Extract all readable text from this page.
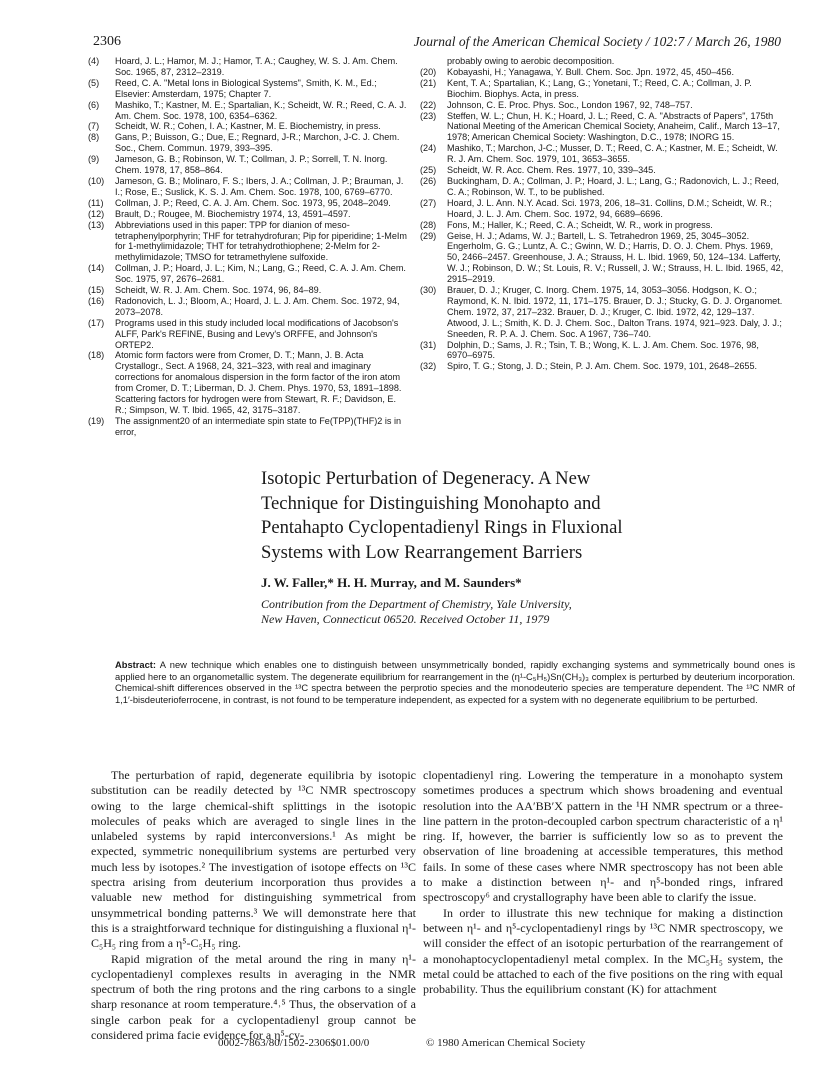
2306	Journal of the American Chemical Society / 102:7 / March 26, 1980
(4) Hoard, J. L.; Hamor, M. J.; Hamor, T. A.; Caughey, W. S. J. Am. Chem. Soc. 1965, 87, 2312–2319.
(5) Reed, C. A. "Metal Ions in Biological Systems", Smith, K. M., Ed.; Elsevier: Amsterdam, 1975; Chapter 7.
(6) Mashiko, T.; Kastner, M. E.; Spartalian, K.; Scheidt, W. R.; Reed, C. A. J. Am. Chem. Soc. 1978, 100, 6354–6362.
(7) Scheidt, W. R.; Cohen, I. A.; Kastner, M. E. Biochemistry, in press.
(8) Gans, P.; Buisson, G.; Due, E.; Regnard, J-R.; Marchon, J-C. J. Chem. Soc., Chem. Commun. 1979, 393–395.
(9) Jameson, G. B.; Robinson, W. T.; Collman, J. P.; Sorrell, T. N. Inorg. Chem. 1978, 17, 858–864.
(10) Jameson, G. B.; Molinaro, F. S.; Ibers, J. A.; Collman, J. P.; Brauman, J. I.; Rose, E.; Suslick, K. S. J. Am. Chem. Soc. 1978, 100, 6769–6770.
(11) Collman, J. P.; Reed, C. A. J. Am. Chem. Soc. 1973, 95, 2048–2049.
(12) Brault, D.; Rougee, M. Biochemistry 1974, 13, 4591–4597.
(13) Abbreviations used in this paper: TPP for dianion of meso-tetraphenylporphyrin; THF for tetrahydrofuran; Pip for piperidine; 1-MeIm for 1-methylimidazole; THT for tetrahydrothiophene; 2-MeIm for 2-methylimidazole; TMSO for tetramethylene sulfoxide.
(14) Collman, J. P.; Hoard, J. L.; Kim, N.; Lang, G.; Reed, C. A. J. Am. Chem. Soc. 1975, 97, 2676–2681.
(15) Scheidt, W. R. J. Am. Chem. Soc. 1974, 96, 84–89.
(16) Radonovich, L. J.; Bloom, A.; Hoard, J. L. J. Am. Chem. Soc. 1972, 94, 2073–2078.
(17) Programs used in this study included local modifications of Jacobson's ALFF, Park's REFINE, Busing and Levy's ORFFE, and Johnson's ORTEP2.
(18) Atomic form factors were from Cromer, D. T.; Mann, J. B. Acta Crystallogr., Sect. A 1968, 24, 321–323, with real and imaginary corrections for anomalous dispersion in the form factor of the iron atom from Cromer, D. T.; Liberman, D. J. Chem. Phys. 1970, 53, 1891–1898. Scattering factors for hydrogen were from Stewart, R. F.; Davidson, E. R.; Simpson, W. T. Ibid. 1965, 42, 3175–3187.
(19) The assignment20 of an intermediate spin state to Fe(TPP)(THF)2 is in error,
probably owing to aerobic decomposition.
(20) Kobayashi, H.; Yanagawa, Y. Bull. Chem. Soc. Jpn. 1972, 45, 450–456.
(21) Kent, T. A.; Spartalian, K.; Lang, G.; Yonetani, T.; Reed, C. A.; Collman, J. P. Biochim. Biophys. Acta, in press.
(22) Johnson, C. E. Proc. Phys. Soc., London 1967, 92, 748–757.
(23) Steffen, W. L.; Chun, H. K.; Hoard, J. L.; Reed, C. A. "Abstracts of Papers", 175th National Meeting of the American Chemical Society, Anaheim, Calif., March 13–17, 1978; American Chemical Society: Washington, D.C., 1978; INORG 15.
(24) Mashiko, T.; Marchon, J-C.; Musser, D. T.; Reed, C. A.; Kastner, M. E.; Scheidt, W. R. J. Am. Chem. Soc. 1979, 101, 3653–3655.
(25) Scheidt, W. R. Acc. Chem. Res. 1977, 10, 339–345.
(26) Buckingham, D. A.; Collman, J. P.; Hoard, J. L.; Lang, G.; Radonovich, L. J.; Reed, C. A.; Robinson, W. T., to be published.
(27) Hoard, J. L. Ann. N.Y. Acad. Sci. 1973, 206, 18–31. Collins, D.M.; Scheidt, W. R.; Hoard, J. L. J. Am. Chem. Soc. 1972, 94, 6689–6696.
(28) Fons, M.; Haller, K.; Reed, C. A.; Scheidt, W. R., work in progress.
(29) Geise, H. J.; Adams, W. J.; Bartell, L. S. Tetrahedron 1969, 25, 3045–3052. Engerholm, G. G.; Luntz, A. C.; Gwinn, W. D.; Harris, D. O. J. Chem. Phys. 1969, 50, 2466–2457. Greenhouse, J. A.; Strauss, H. L. Ibid. 1969, 50, 124–134. Lafferty, W. J.; Robinson, D. W.; St. Louis, R. V.; Russell, J. W.; Strauss, H. L. Ibid. 1965, 42, 2915–2919.
(30) Brauer, D. J.; Kruger, C. Inorg. Chem. 1975, 14, 3053–3056. Hodgson, K. O.; Raymond, K. N. Ibid. 1972, 11, 171–175. Brauer, D. J.; Stucky, G. D. J. Organomet. Chem. 1972, 37, 217–232. Brauer, D. J.; Kruger, C. Ibid. 1972, 42, 129–137. Atwood, J. L.; Smith, K. D. J. Chem. Soc., Dalton Trans. 1974, 921–923. Daly, J. J.; Sneeden, R. P. A. J. Chem. Soc. A 1967, 736–740.
(31) Dolphin, D.; Sams, J. R.; Tsin, T. B.; Wong, K. L. J. Am. Chem. Soc. 1976, 98, 6970–6975.
(32) Spiro, T. G.; Stong, J. D.; Stein, P. J. Am. Chem. Soc. 1979, 101, 2648–2655.
Isotopic Perturbation of Degeneracy. A New Technique for Distinguishing Monohapto and Pentahapto Cyclopentadienyl Rings in Fluxional Systems with Low Rearrangement Barriers
J. W. Faller,* H. H. Murray, and M. Saunders*
Contribution from the Department of Chemistry, Yale University,
New Haven, Connecticut 06520. Received October 11, 1979
Abstract: A new technique which enables one to distinguish between unsymmetrically bonded, rapidly exchanging systems and symmetrically bound ones is applied here to an organometallic system. The degenerate equilibrium for rearrangement in the (η¹-C₅H₅)Sn(CH₃)₃ complex is perturbed by deuterium incorporation. Chemical-shift differences observed in the ¹³C spectra between the perprotio species and the monodeuterio species are temperature dependent. The ¹³C NMR of 1,1′-bisdeuterioferrocene, in contrast, is not found to be temperature independent, as expected for a system with no degenerate equilibrium to be perturbed.

The perturbation of rapid, degenerate equilibria by isotopic substitution can be readily detected by ¹³C NMR spectroscopy owing to the large chemical-shift splittings in the isotopic molecules of peaks which are averaged to single lines in the unlabeled systems by rapid interconversions.¹ As might be expected, symmetric nonequilibrium systems are perturbed very much less by isotopes.² The investigation of isotope effects on ¹³C spectra arising from deuterium incorporation thus provides a valuable new method for distinguishing symmetrical from unsymmetrical bonding patterns.³ We will demonstrate here that this is a straightforward technique for distinguishing a fluxional η¹-C₅H₅ ring from a η⁵-C₅H₅ ring.

Rapid migration of the metal around the ring in many η¹-cyclopentadienyl complexes results in averaging in the NMR spectrum of both the ring protons and the ring carbons to a single sharp resonance at room temperature.⁴˒⁵ Thus, the observation of a single carbon peak for a cyclopentadienyl group cannot be considered prima facie evidence for a η⁵-cy-

clopentadienyl ring. Lowering the temperature in a monohapto system sometimes produces a spectrum which shows broadening and eventual resolution into the AA′BB′X pattern in the ¹H NMR spectrum or a three-line pattern in the proton-decoupled carbon spectrum characteristic of a η¹ ring. If, however, the barrier is sufficiently low so as to prevent the observation of line broadening at accessible temperatures, this method fails. In some of these cases where NMR spectroscopy has not been able to make a distinction between η¹- and η⁵-bonded rings, infrared spectroscopy⁶ and crystallography have been able to clarify the issue.

In order to illustrate this new technique for making a distinction between η¹- and η⁵-cyclopentadienyl rings by ¹³C NMR spectroscopy, we will consider the effect of an isotopic perturbation of the rearrangement of a monohaptocyclopentadienyl metal complex. In the MC₅H₅ system, the metal could be attached to each of the five positions on the ring with equal probability. Thus the equilibrium constant (K) for attachment

0002-7863/80/1502-2306$01.00/0	© 1980 American Chemical Society
